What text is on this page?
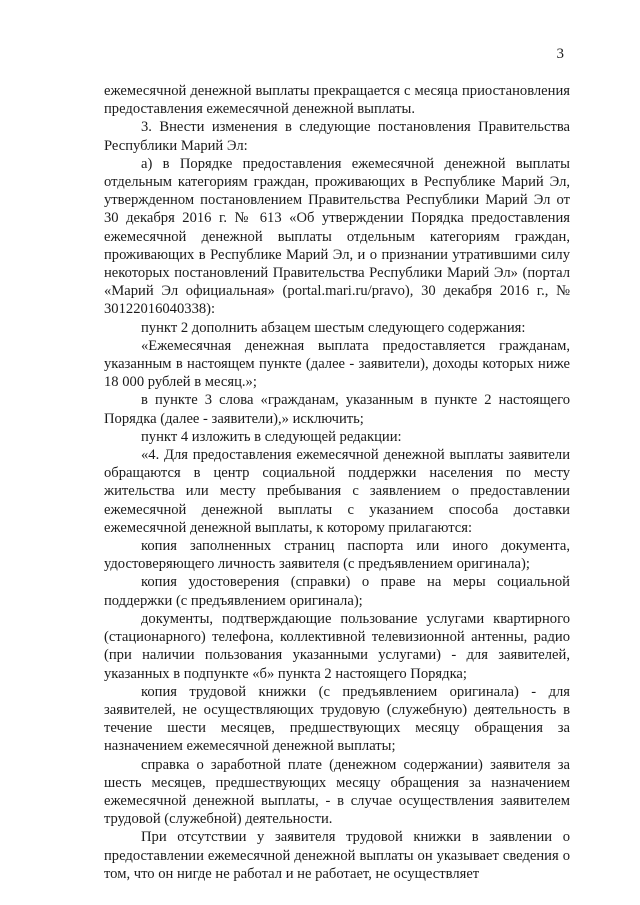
3

ежемесячной денежной выплаты прекращается с месяца приостановления предоставления ежемесячной денежной выплаты.

3. Внести изменения в следующие постановления Правительства Республики Марий Эл:

а) в Порядке предоставления ежемесячной денежной выплаты отдельным категориям граждан, проживающих в Республике Марий Эл, утвержденном постановлением Правительства Республики Марий Эл от 30 декабря 2016 г. № 613 «Об утверждении Порядка предоставления ежемесячной денежной выплаты отдельным категориям граждан, проживающих в Республике Марий Эл, и о признании утратившими силу некоторых постановлений Правительства Республики Марий Эл» (портал «Марий Эл официальная» (portal.mari.ru/pravo), 30 декабря 2016 г., № 30122016040338):

пункт 2 дополнить абзацем шестым следующего содержания:

«Ежемесячная денежная выплата предоставляется гражданам, указанным в настоящем пункте (далее - заявители), доходы которых ниже 18 000 рублей в месяц.»;

в пункте 3 слова «гражданам, указанным в пункте 2 настоящего Порядка (далее - заявители),» исключить;

пункт 4 изложить в следующей редакции:

«4. Для предоставления ежемесячной денежной выплаты заявители обращаются в центр социальной поддержки населения по месту жительства или месту пребывания с заявлением о предоставлении ежемесячной денежной выплаты с указанием способа доставки ежемесячной денежной выплаты, к которому прилагаются:

копия заполненных страниц паспорта или иного документа, удостоверяющего личность заявителя (с предъявлением оригинала);

копия удостоверения (справки) о праве на меры социальной поддержки (с предъявлением оригинала);

документы, подтверждающие пользование услугами квартирного (стационарного) телефона, коллективной телевизионной антенны, радио (при наличии пользования указанными услугами) - для заявителей, указанных в подпункте «б» пункта 2 настоящего Порядка;

копия трудовой книжки (с предъявлением оригинала) - для заявителей, не осуществляющих трудовую (служебную) деятельность в течение шести месяцев, предшествующих месяцу обращения за назначением ежемесячной денежной выплаты;

справка о заработной плате (денежном содержании) заявителя за шесть месяцев, предшествующих месяцу обращения за назначением ежемесячной денежной выплаты, - в случае осуществления заявителем трудовой (служебной) деятельности.

При отсутствии у заявителя трудовой книжки в заявлении о предоставлении ежемесячной денежной выплаты он указывает сведения о том, что он нигде не работал и не работает, не осуществляет
